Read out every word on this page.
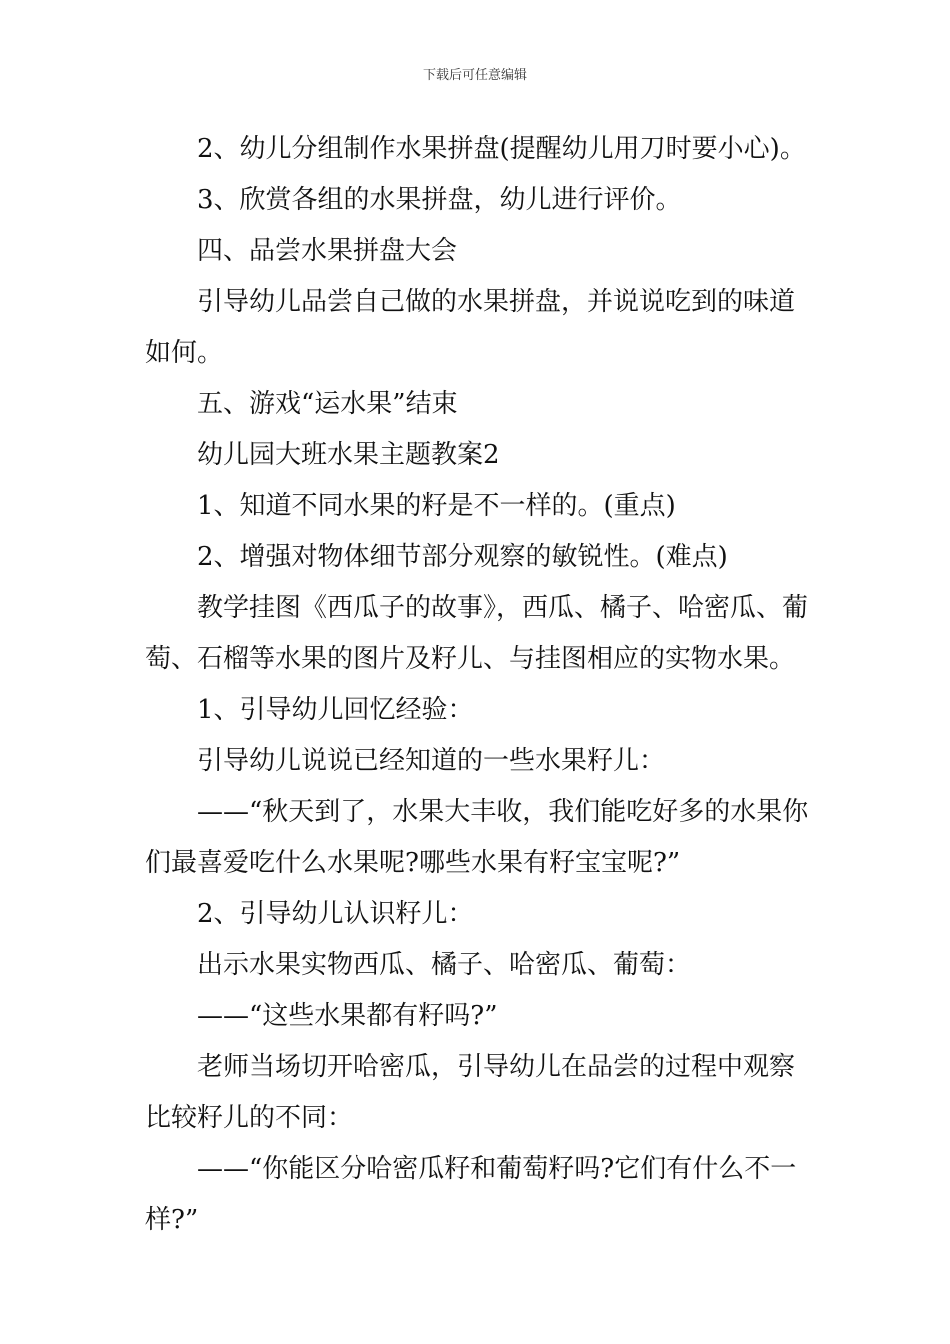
下载后可任意编辑

2、幼儿分组制作水果拼盘(提醒幼儿用刀时要小心)。

3、欣赏各组的水果拼盘，幼儿进行评价。

四、品尝水果拼盘大会

引导幼儿品尝自己做的水果拼盘，并说说吃到的味道如何。

五、游戏“运水果”结束

幼儿园大班水果主题教案2

1、知道不同水果的籽是不一样的。(重点)

2、增强对物体细节部分观察的敏锐性。(难点)

教学挂图《西瓜子的故事》，西瓜、橘子、哈密瓜、葡萄、石榴等水果的图片及籽儿、与挂图相应的实物水果。

1、引导幼儿回忆经验：

引导幼儿说说已经知道的一些水果籽儿：

——“秋天到了，水果大丰收，我们能吃好多的水果你们最喜爱吃什么水果呢?哪些水果有籽宝宝呢?”

2、引导幼儿认识籽儿：

出示水果实物西瓜、橘子、哈密瓜、葡萄：

——“这些水果都有籽吗?”

老师当场切开哈密瓜，引导幼儿在品尝的过程中观察比较籽儿的不同：

——“你能区分哈密瓜籽和葡萄籽吗?它们有什么不一样?”
